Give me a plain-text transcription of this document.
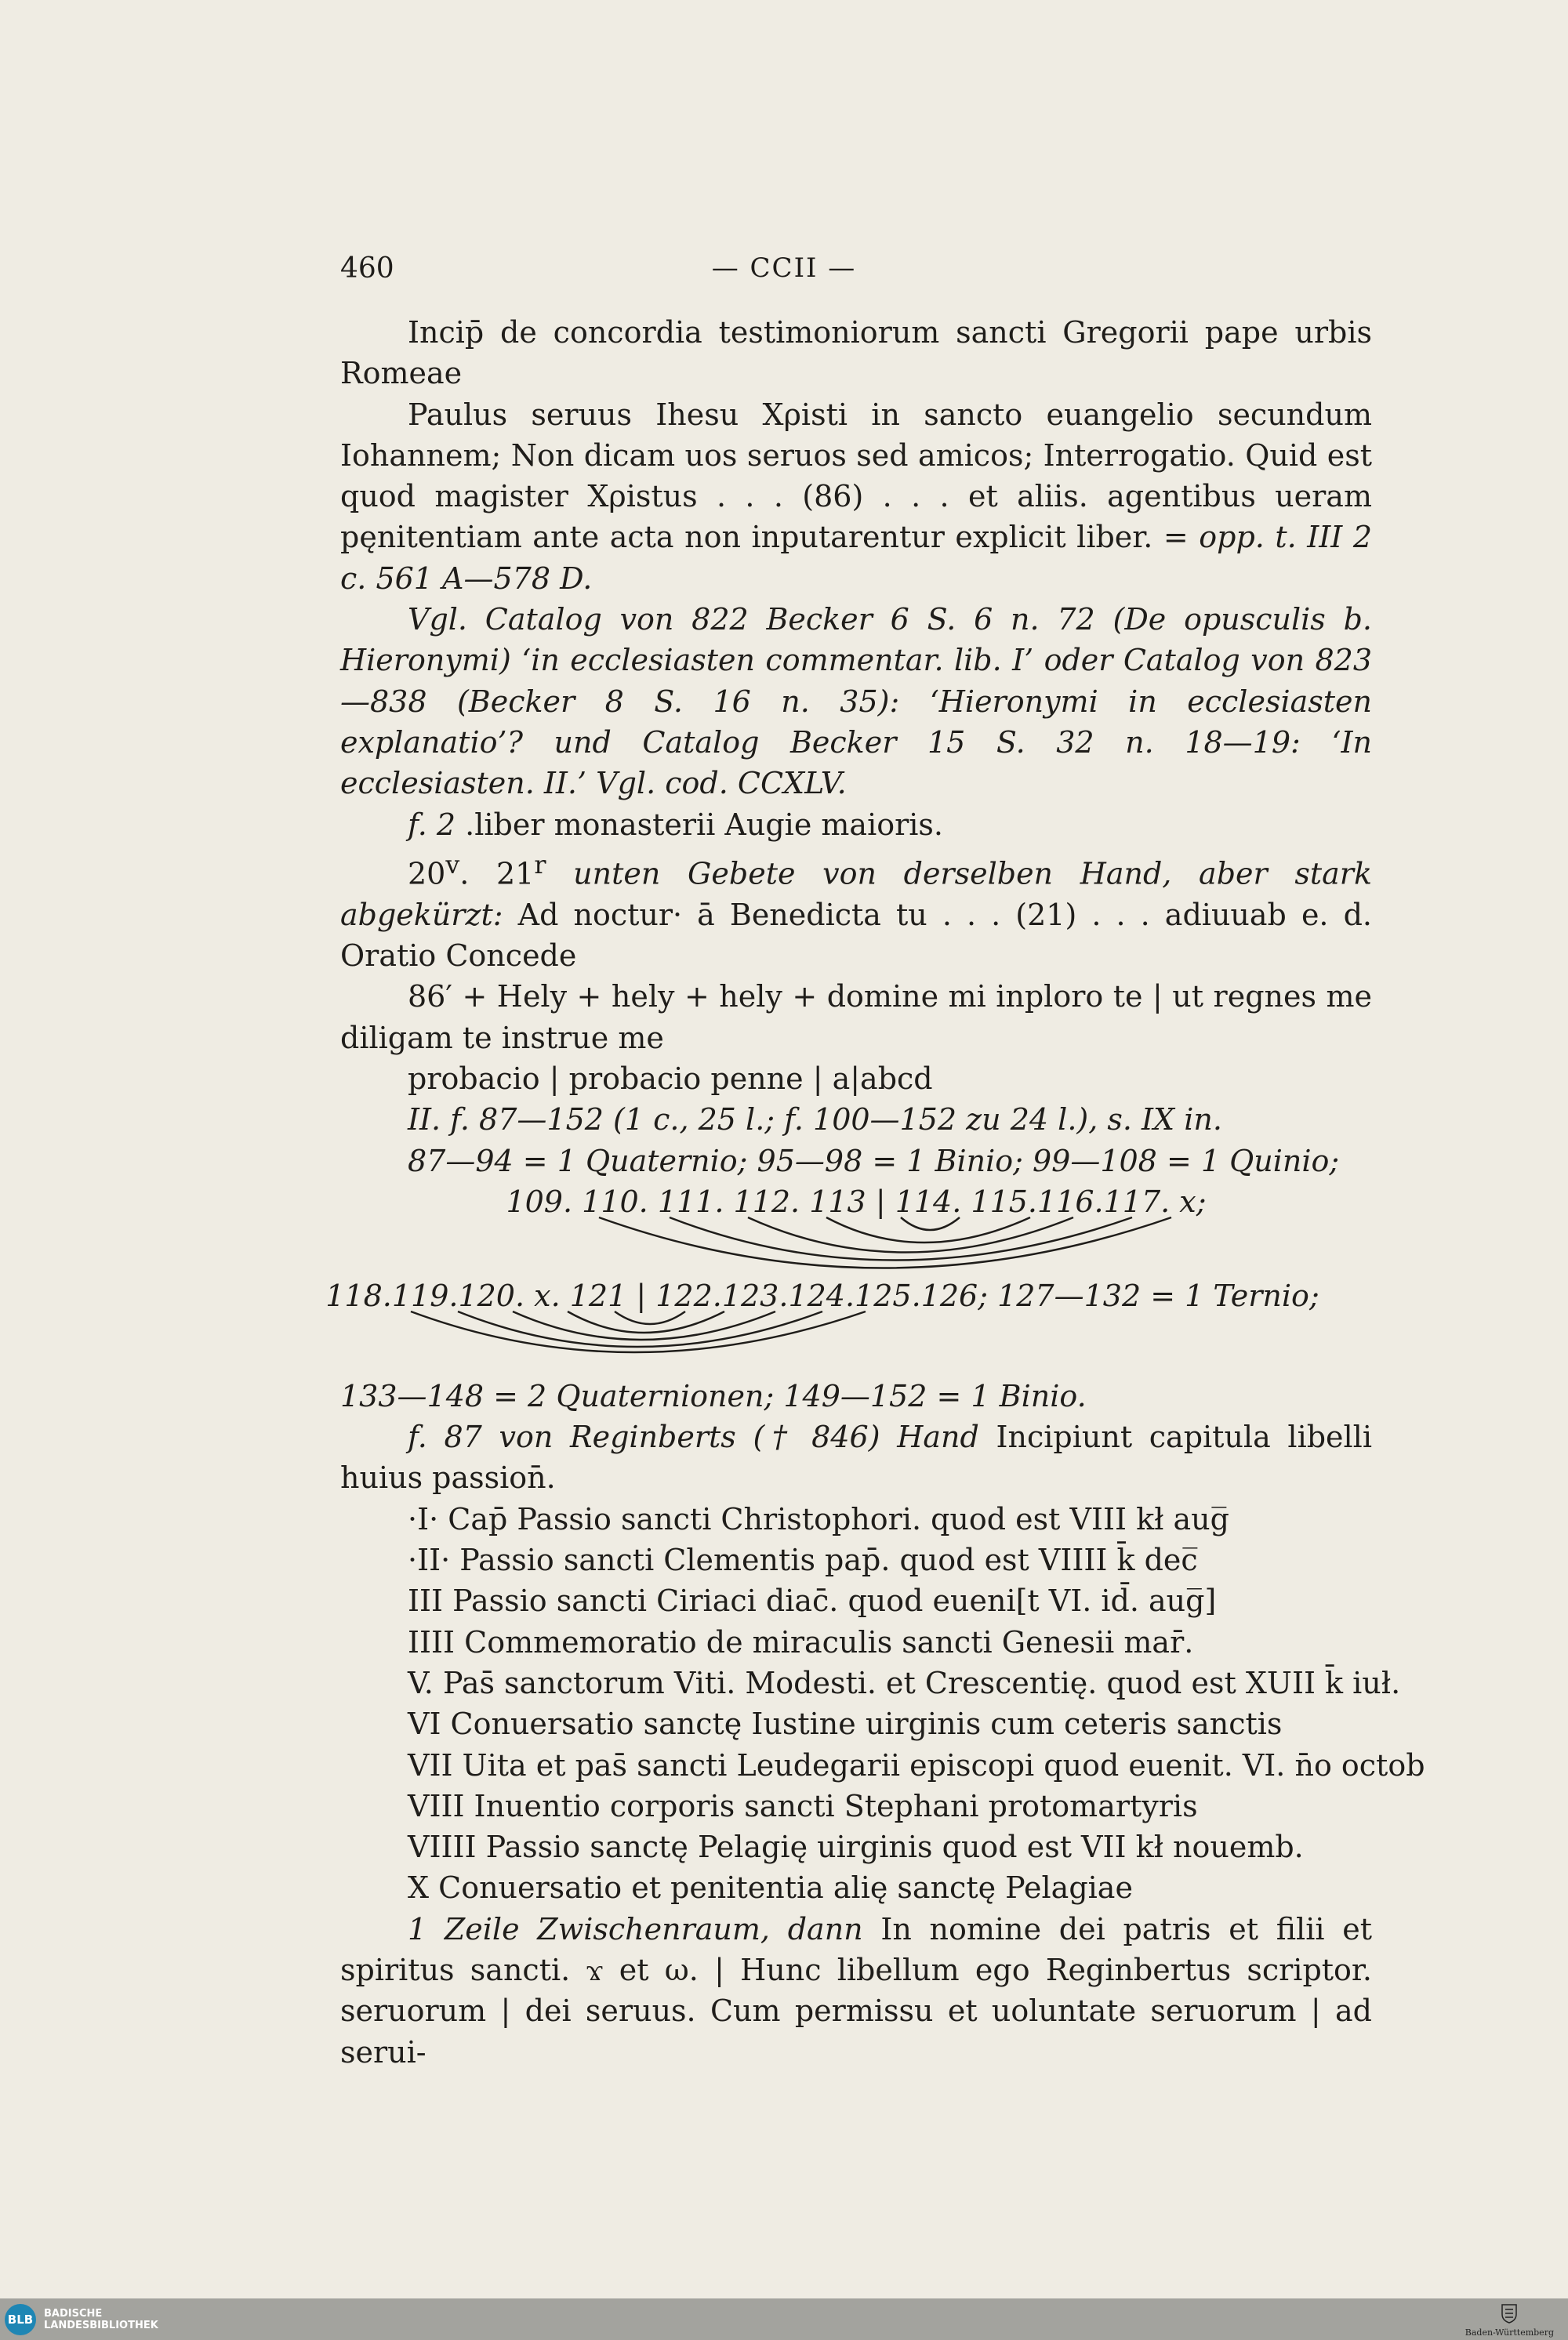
460	— CCII —

Incip̄ de concordia testimoniorum sancti Gregorii pape urbis Romeae

Paulus seruus Ihesu Χρisti in sancto euangelio secundum Iohannem; Non dicam uos seruos sed amicos; Interrogatio. Quid est quod magister Χρistus . . . (86) . . . et aliis. agentibus ueram pęnitentiam ante acta non inputarentur explicit liber. = opp. t. III 2 c. 561 A—578 D.

Vgl. Catalog von 822 Becker 6 S. 6 n. 72 (De opusculis b. Hieronymi) ‘in ecclesiasten commentar. lib. I’ oder Catalog von 823—838 (Becker 8 S. 16 n. 35): ‘Hieronymi in ecclesiasten explanatio’? und Catalog Becker 15 S. 32 n. 18—19: ‘In ecclesiasten. II.’ Vgl. cod. CCXLV.

f. 2 .liber monasterii Augie maioris.

20$^v$. 21$^r$ unten Gebete von derselben Hand, aber stark abgekürzt: Ad noctur· ā Benedicta tu . . . (21) . . . adiuuab e. d. Oratio Concede

86′ + Hely + hely + hely + domine mi inploro te | ut regnes me diligam te instrue me

probacio | probacio penne | a|abcd

II. f. 87—152 (1 c., 25 l.; f. 100—152 zu 24 l.), s. IX in.

87—94 = 1 Quaternio; 95—98 = 1 Binio; 99—108 = 1 Quinio;

109. 110. 111. 112. 113 | 114. 115.116.117. x;
118.119.120. x. 121 | 122.123.124.125.126; 127—132 = 1 Ternio;

133—148 = 2 Quaternionen; 149—152 = 1 Binio.

f. 87 von Reginberts († 846) Hand Incipiunt capitula libelli huius passion̄.

·I· Cap̄ Passio sancti Christophori. quod est VIII kł aug̅
·II· Passio sancti Clementis pap̄. quod est VIIII k̄ dec̅
III Passio sancti Ciriaci diac̄. quod eueni[t VI. id̄. aug̅]
IIII Commemoratio de miraculis sancti Genesii mar̄.
V. Pas̄ sanctorum Viti. Modesti. et Crescentię. quod est XUII k̄ iuł.
VI Conuersatio sanctę Iustine uirginis cum ceteris sanctis
VII Uita et pas̄ sancti Leudegarii episcopi quod euenit. VI. n̄o octob
VIII Inuentio corporis sancti Stephani protomartyris
VIIII Passio sanctę Pelagię uirginis quod est VII kł nouemb.
X Conuersatio et penitentia alię sanctę Pelagiae

1 Zeile Zwischenraum, dann In nomine dei patris et filii et spiritus sancti. ϫ et ω. | Hunc libellum ego Reginbertus scriptor. seruorum | dei seruus. Cum permissu et uoluntate seruorum | ad serui-

BLB BADISCHE
LANDESBIBLIOTHEK
Baden-Württemberg
